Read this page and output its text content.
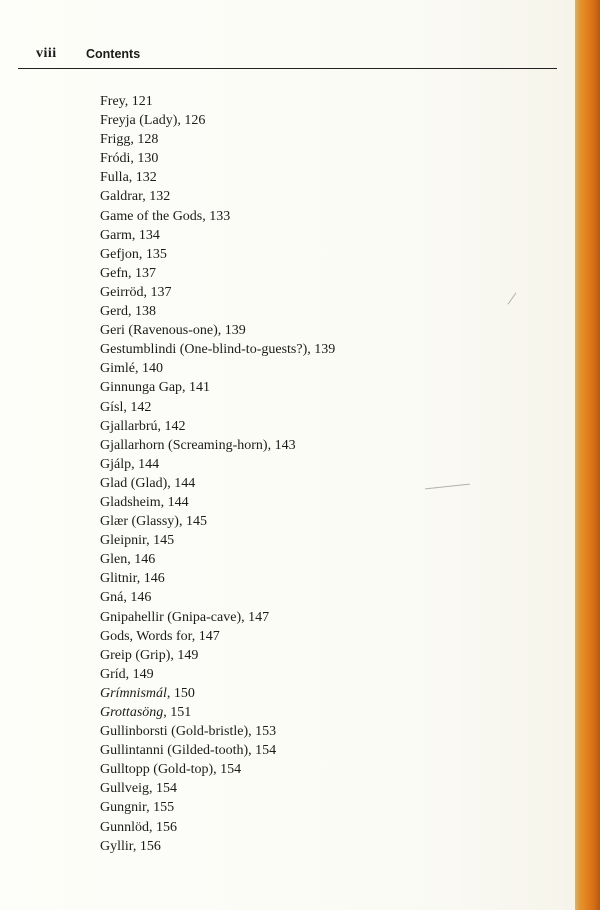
viii Contents
Frey, 121
Freyja (Lady), 126
Frigg, 128
Fródi, 130
Fulla, 132
Galdrar, 132
Game of the Gods, 133
Garm, 134
Gefjon, 135
Gefn, 137
Geirröd, 137
Gerd, 138
Geri (Ravenous-one), 139
Gestumblindi (One-blind-to-guests?), 139
Gimlé, 140
Ginnunga Gap, 141
Gísl, 142
Gjallarbrú, 142
Gjallarhorn (Screaming-horn), 143
Gjálp, 144
Glad (Glad), 144
Gladsheim, 144
Glær (Glassy), 145
Gleipnir, 145
Glen, 146
Glitnir, 146
Gná, 146
Gnipahellir (Gnipa-cave), 147
Gods, Words for, 147
Greip (Grip), 149
Gríd, 149
Grímnismál, 150
Grottasöng, 151
Gullinborsti (Gold-bristle), 153
Gullintanni (Gilded-tooth), 154
Gulltopp (Gold-top), 154
Gullveig, 154
Gungnir, 155
Gunnlöd, 156
Gyllir, 156
